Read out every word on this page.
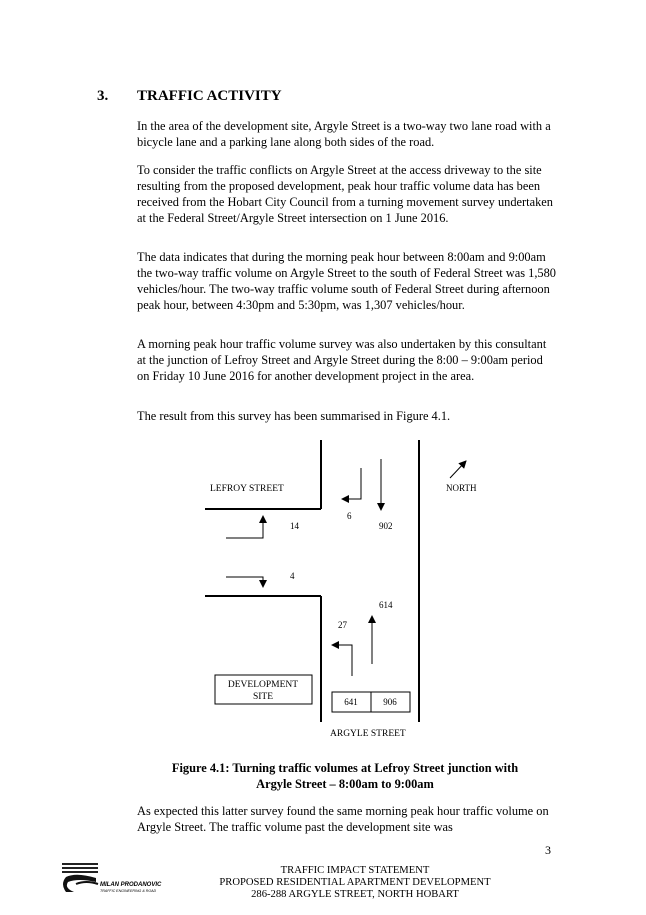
3. TRAFFIC ACTIVITY

In the area of the development site, Argyle Street is a two-way two lane road with a bicycle lane and a parking lane along both sides of the road.

To consider the traffic conflicts on Argyle Street at the access driveway to the site resulting from the proposed development, peak hour traffic volume data has been received from the Hobart City Council from a turning movement survey undertaken at the Federal Street/Argyle Street intersection on 1 June 2016.

The data indicates that during the morning peak hour between 8:00am and 9:00am the two-way traffic volume on Argyle Street to the south of Federal Street was 1,580 vehicles/hour. The two-way traffic volume south of Federal Street during afternoon peak hour, between 4:30pm and 5:30pm, was 1,307 vehicles/hour.

A morning peak hour traffic volume survey was also undertaken by this consultant at the junction of Lefroy Street and Argyle Street during the 8:00 – 9:00am period on Friday 10 June 2016 for another development project in the area.

The result from this survey has been summarised in Figure 4.1.

LEFROY STREET	NORTH
ARGYLE STREET
6
902
14
4
614
27
DEVELOPMENT
SITE	641	906
Figure 4.1: Turning traffic volumes at Lefroy Street junction with
Argyle Street – 8:00am to 9:00am

As expected this latter survey found the same morning peak hour traffic volume on Argyle Street. The traffic volume past the development site was

3
MILAN PRODANOVIC
TRAFFIC ENGINEERING & ROAD
TRAFFIC IMPACT STATEMENT
PROPOSED RESIDENTIAL APARTMENT DEVELOPMENT
286-288 ARGYLE STREET, NORTH HOBART
